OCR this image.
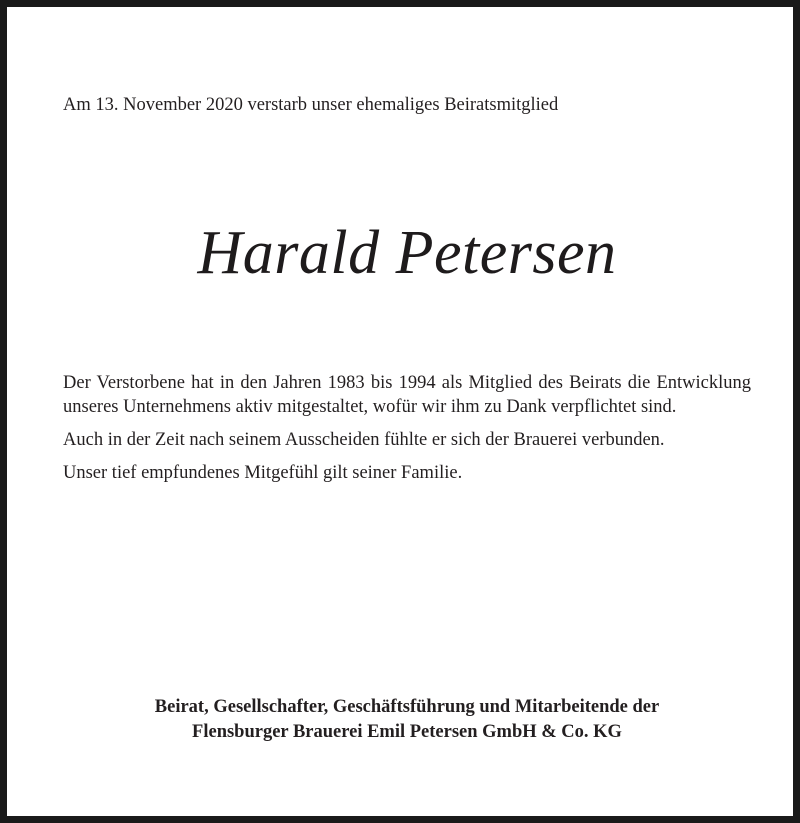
Am 13. November 2020 verstarb unser ehemaliges Beiratsmitglied
Harald Petersen

Der Verstorbene hat in den Jahren 1983 bis 1994 als Mitglied des Beirats die Entwicklung unseres Unternehmens aktiv mitgestaltet, wofür wir ihm zu Dank verpflichtet sind.

Auch in der Zeit nach seinem Ausscheiden fühlte er sich der Brauerei verbunden.

Unser tief empfundenes Mitgefühl gilt seiner Familie.

Beirat, Gesellschafter, Geschäftsführung und Mitarbeitende der
Flensburger Brauerei Emil Petersen GmbH & Co. KG
